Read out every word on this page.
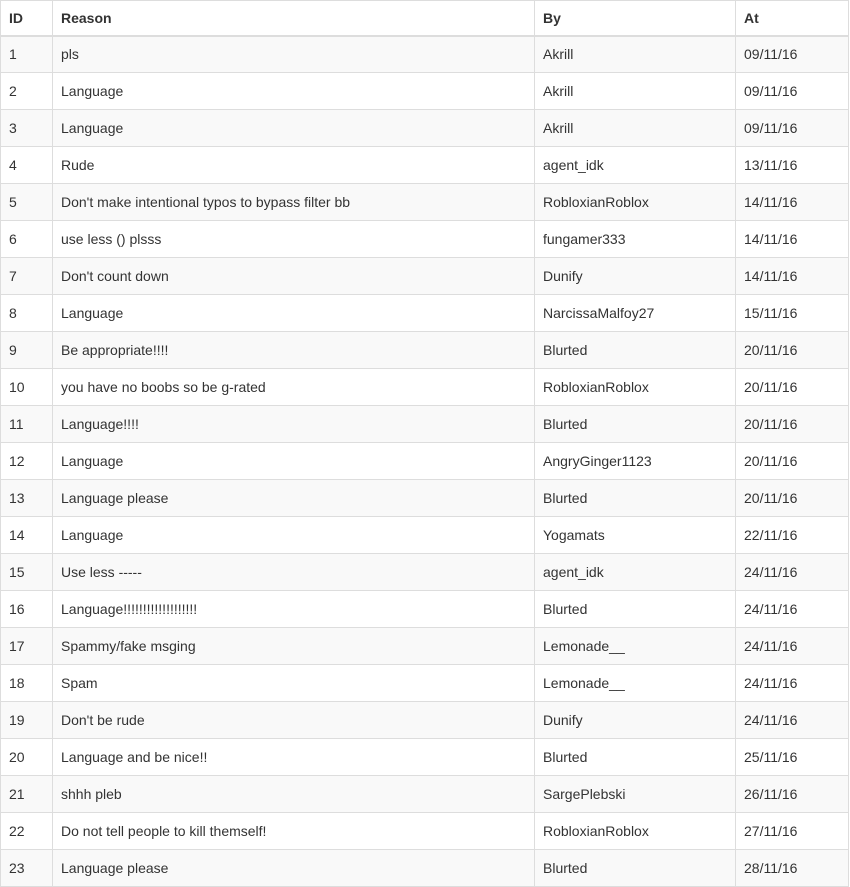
ID	Reason	By	At
1	pls	Akrill	09/11/16
2	Language	Akrill	09/11/16
3	Language	Akrill	09/11/16
4	Rude	agent_idk	13/11/16
5	Don't make intentional typos to bypass filter bb	RobloxianRoblox	14/11/16
6	use less () plsss	fungamer333	14/11/16
7	Don't count down	Dunify	14/11/16
8	Language	NarcissaMalfoy27	15/11/16
9	Be appropriate!!!!	Blurted	20/11/16
10	you have no boobs so be g-rated	RobloxianRoblox	20/11/16
11	Language!!!!	Blurted	20/11/16
12	Language	AngryGinger1123	20/11/16
13	Language please	Blurted	20/11/16
14	Language	Yogamats	22/11/16
15	Use less -----	agent_idk	24/11/16
16	Language!!!!!!!!!!!!!!!!!!!	Blurted	24/11/16
17	Spammy/fake msging	Lemonade__	24/11/16
18	Spam	Lemonade__	24/11/16
19	Don't be rude	Dunify	24/11/16
20	Language and be nice!!	Blurted	25/11/16
21	shhh pleb	SargePlebski	26/11/16
22	Do not tell people to kill themself!	RobloxianRoblox	27/11/16
23	Language please	Blurted	28/11/16
